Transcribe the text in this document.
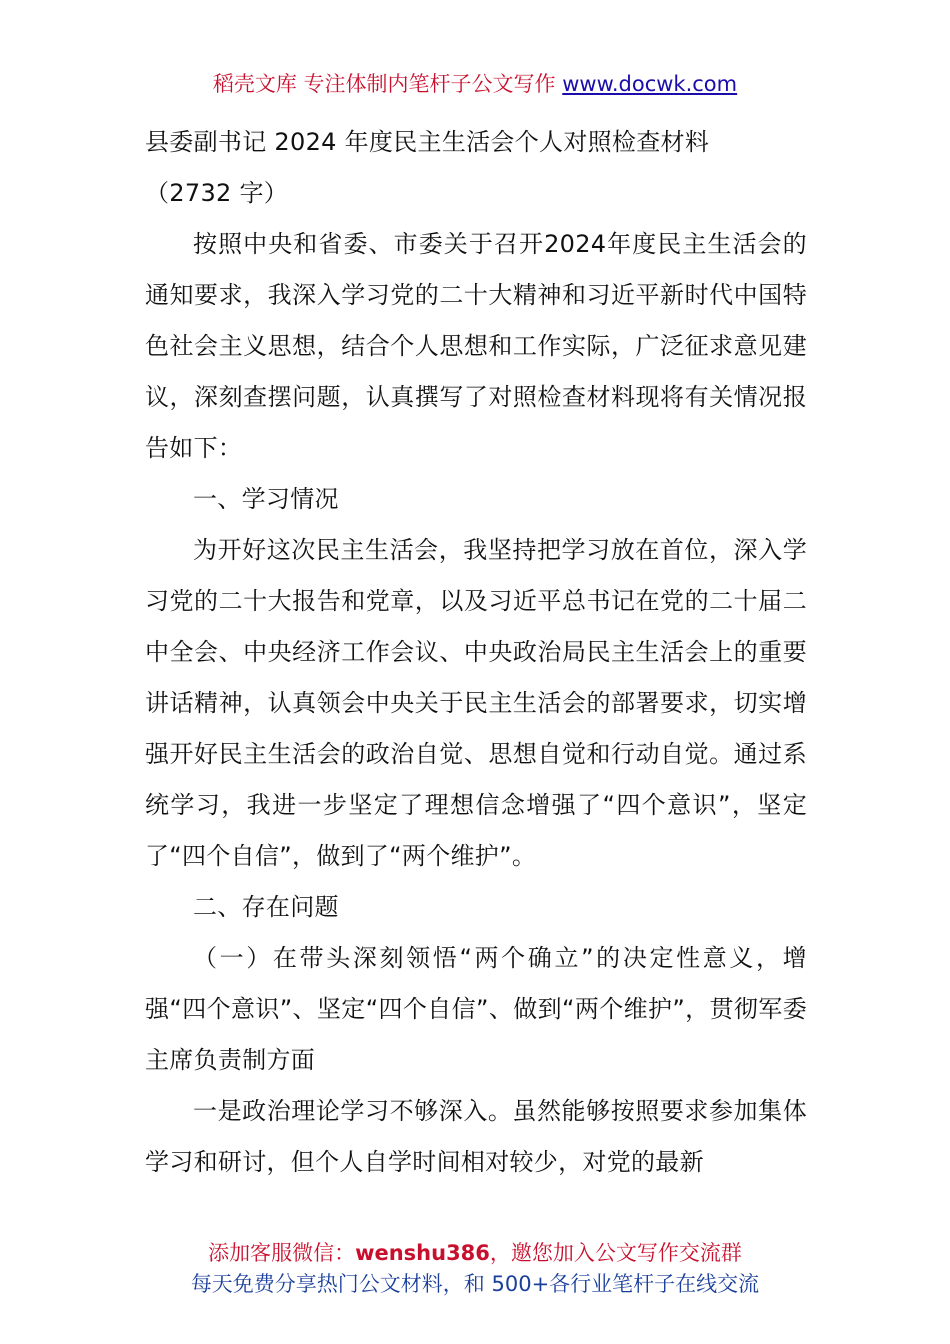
稻壳文库 专注体制内笔杆子公文写作 www.docwk.com

县委副书记 2024 年度民主生活会个人对照检查材料

（2732 字）

按照中央和省委、市委关于召开2024年度民主生活会的通知要求，我深入学习党的二十大精神和习近平新时代中国特色社会主义思想，结合个人思想和工作实际，广泛征求意见建议，深刻查摆问题，认真撰写了对照检查材料现将有关情况报告如下：

一、学习情况

为开好这次民主生活会，我坚持把学习放在首位，深入学习党的二十大报告和党章，以及习近平总书记在党的二十届二中全会、中央经济工作会议、中央政治局民主生活会上的重要讲话精神，认真领会中央关于民主生活会的部署要求，切实增强开好民主生活会的政治自觉、思想自觉和行动自觉。通过系统学习，我进一步坚定了理想信念增强了“四个意识”，坚定了“四个自信”，做到了“两个维护”。

二、存在问题

（一）在带头深刻领悟“两个确立”的决定性意义，增强“四个意识”、坚定“四个自信”、做到“两个维护”，贯彻军委主席负责制方面

一是政治理论学习不够深入。虽然能够按照要求参加集体学习和研讨，但个人自学时间相对较少，对党的最新

添加客服微信：wenshu386，邀您加入公文写作交流群
每天免费分享热门公文材料，和 500+各行业笔杆子在线交流
